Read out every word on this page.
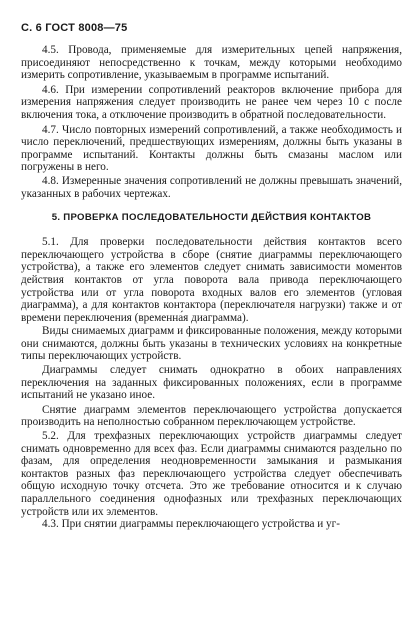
С. 6 ГОСТ 8008—75

4.5. Провода, применяемые для измерительных цепей напряжения, присоединяют непосредственно к точкам, между которыми необходимо измерить сопротивление, указываемым в программе испытаний.

4.6. При измерении сопротивлений реакторов включение прибора для измерения напряжения следует производить не ранее чем через 10 с после включения тока, а отключение производить в обратной последовательности.

4.7. Число повторных измерений сопротивлений, а также необходимость и число переключений, предшествующих измерениям, должны быть указаны в программе испытаний. Контакты должны быть смазаны маслом или погружены в него.

4.8. Измеренные значения сопротивлений не должны превышать значений, указанных в рабочих чертежах.

5. ПРОВЕРКА ПОСЛЕДОВАТЕЛЬНОСТИ ДЕЙСТВИЯ КОНТАКТОВ

5.1. Для проверки последовательности действия контактов всего переключающего устройства в сборе (снятие диаграммы переключающего устройства), а также его элементов следует снимать зависимости моментов действия контактов от угла поворота вала привода переключающего устройства или от угла поворота входных валов его элементов (угловая диаграмма), а для контактов контактора (переключателя нагрузки) также и от времени переключения (временна́я диаграмма).

Виды снимаемых диаграмм и фиксированные положения, между которыми они снимаются, должны быть указаны в технических условиях на конкретные типы переключающих устройств.

Диаграммы следует снимать однократно в обоих направлениях переключения на заданных фиксированных положениях, если в программе испытаний не указано иное.

Снятие диаграмм элементов переключающего устройства допускается производить на неполностью собранном переключающем устройстве.

5.2. Для трехфазных переключающих устройств диаграммы следует снимать одновременно для всех фаз. Если диаграммы снимаются раздельно по фазам, для определения неодновременности замыкания и размыкания контактов разных фаз переключающего устройства следует обеспечивать общую исходную точку отсчета. Это же требование относится и к случаю параллельного соединения однофазных или трехфазных переключающих устройств или их элементов.

4.3. При снятии диаграммы переключающего устройства и уг-
